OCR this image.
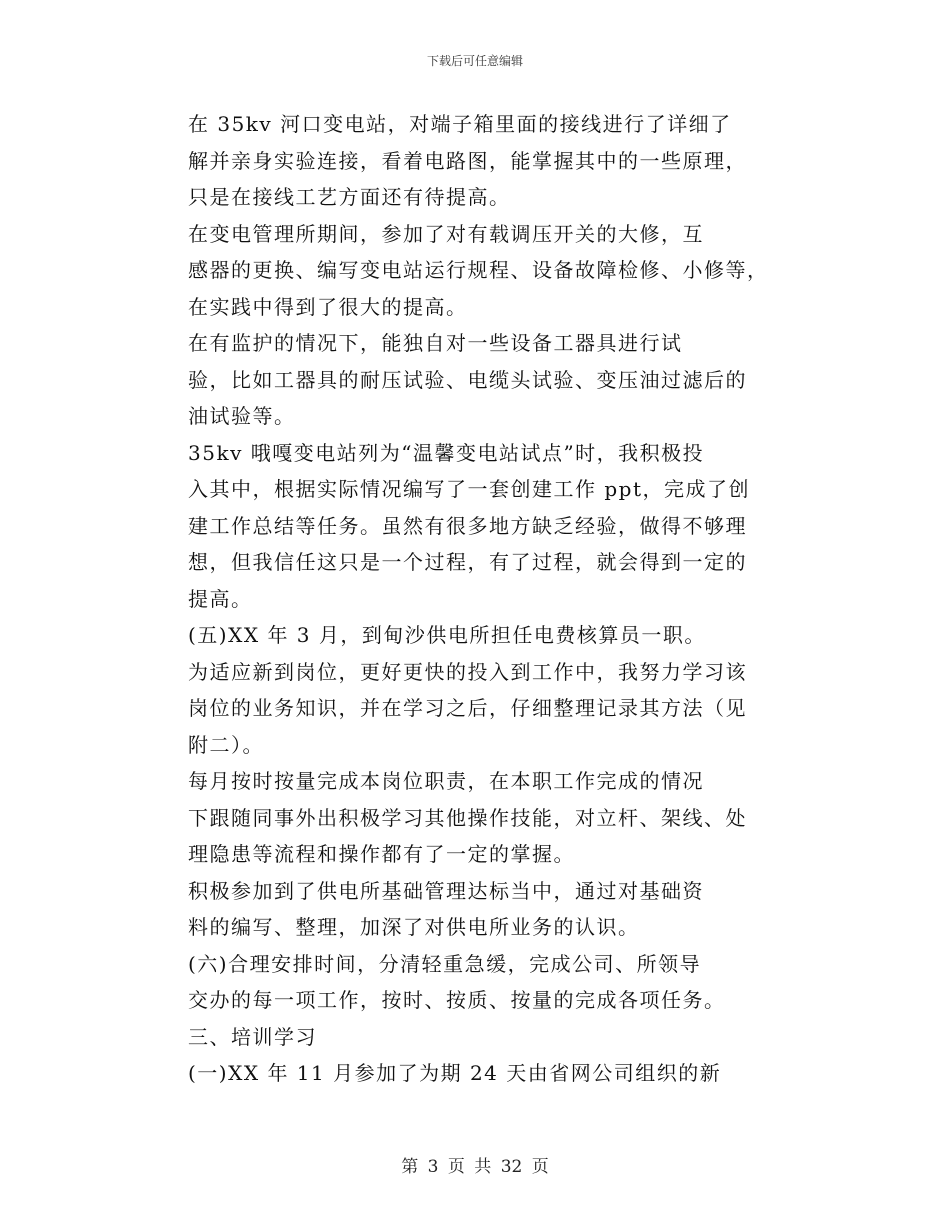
下载后可任意编辑
在 35kv 河口变电站，对端子箱里面的接线进行了详细了
解并亲身实验连接，看着电路图，能掌握其中的一些原理，
只是在接线工艺方面还有待提高。
在变电管理所期间，参加了对有载调压开关的大修，互
感器的更换、编写变电站运行规程、设备故障检修、小修等，
在实践中得到了很大的提高。
在有监护的情况下，能独自对一些设备工器具进行试
验，比如工器具的耐压试验、电缆头试验、变压油过滤后的
油试验等。
35kv 哦嘎变电站列为“温馨变电站试点”时，我积极投
入其中，根据实际情况编写了一套创建工作 ppt，完成了创
建工作总结等任务。虽然有很多地方缺乏经验，做得不够理
想，但我信任这只是一个过程，有了过程，就会得到一定的
提高。
(五)XX 年 3 月，到甸沙供电所担任电费核算员一职。
为适应新到岗位，更好更快的投入到工作中，我努力学习该
岗位的业务知识，并在学习之后，仔细整理记录其方法（见
附二）。
每月按时按量完成本岗位职责，在本职工作完成的情况
下跟随同事外出积极学习其他操作技能，对立杆、架线、处
理隐患等流程和操作都有了一定的掌握。
积极参加到了供电所基础管理达标当中，通过对基础资
料的编写、整理，加深了对供电所业务的认识。
(六)合理安排时间，分清轻重急缓，完成公司、所领导
交办的每一项工作，按时、按质、按量的完成各项任务。
三、培训学习
(一)XX 年 11 月参加了为期 24 天由省网公司组织的新
第 3 页 共 32 页
